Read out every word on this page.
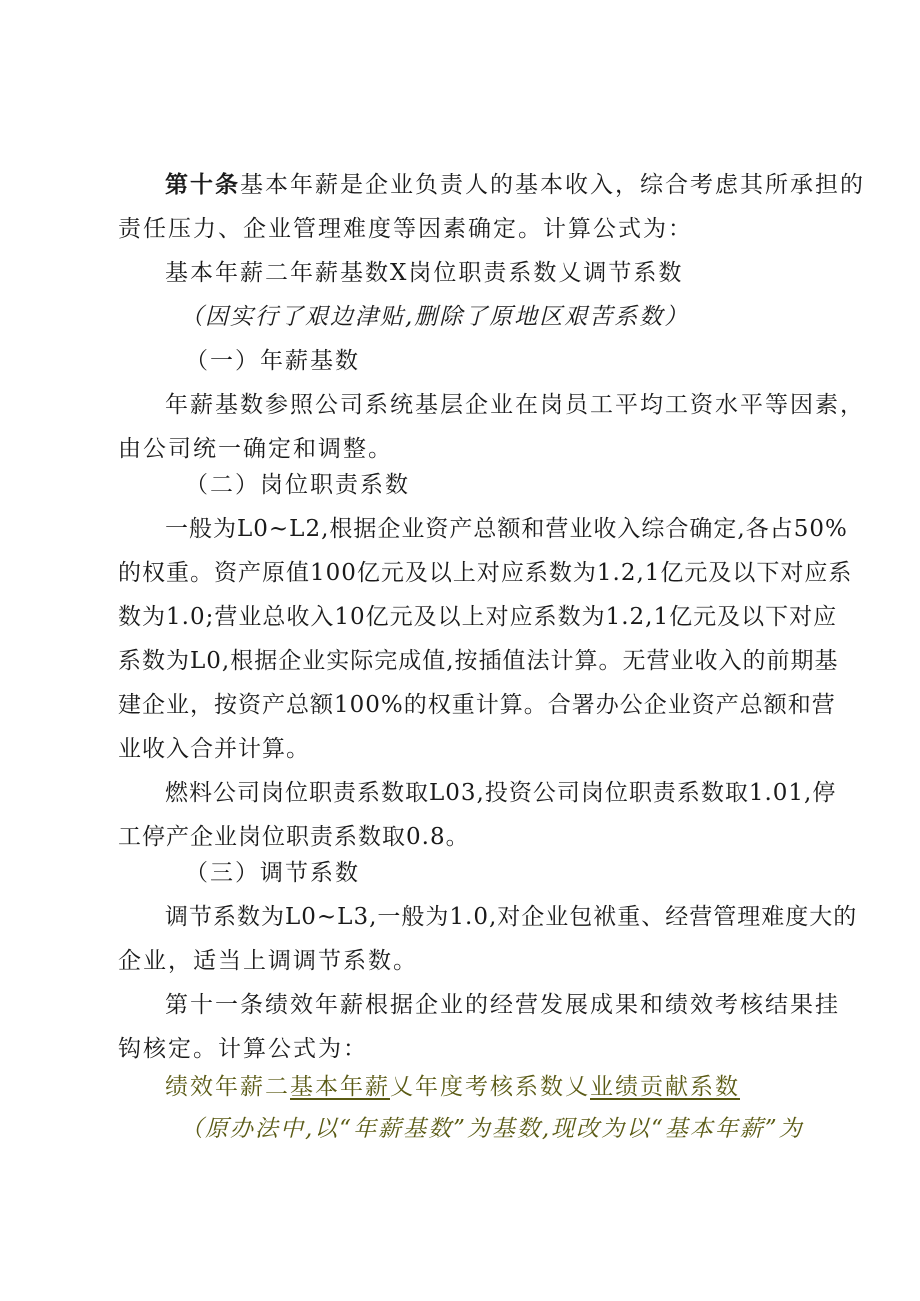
第十条基本年薪是企业负责人的基本收入，综合考虑其所承担的
责任压力、企业管理难度等因素确定。计算公式为：
基本年薪二年薪基数X岗位职责系数乂调节系数
（因实行了艰边津贴,删除了原地区艰苦系数）
（一）年薪基数
年薪基数参照公司系统基层企业在岗员工平均工资水平等因素，
由公司统一确定和调整。
（二）岗位职责系数
一般为L0~L2,根据企业资产总额和营业收入综合确定,各占50%
的权重。资产原值100亿元及以上对应系数为1.2,1亿元及以下对应系
数为1.0;营业总收入10亿元及以上对应系数为1.2,1亿元及以下对应
系数为L0,根据企业实际完成值,按插值法计算。无营业收入的前期基
建企业，按资产总额100%的权重计算。合署办公企业资产总额和营
业收入合并计算。
燃料公司岗位职责系数取L03,投资公司岗位职责系数取1.01,停
工停产企业岗位职责系数取0.8。
（三）调节系数
调节系数为L0~L3,一般为1.0,对企业包袱重、经营管理难度大的
企业，适当上调调节系数。
第十一条绩效年薪根据企业的经营发展成果和绩效考核结果挂
钩核定。计算公式为：
绩效年薪二基本年薪乂年度考核系数乂业绩贡献系数
（原办法中,以“年薪基数”为基数,现改为以“基本年薪”为
